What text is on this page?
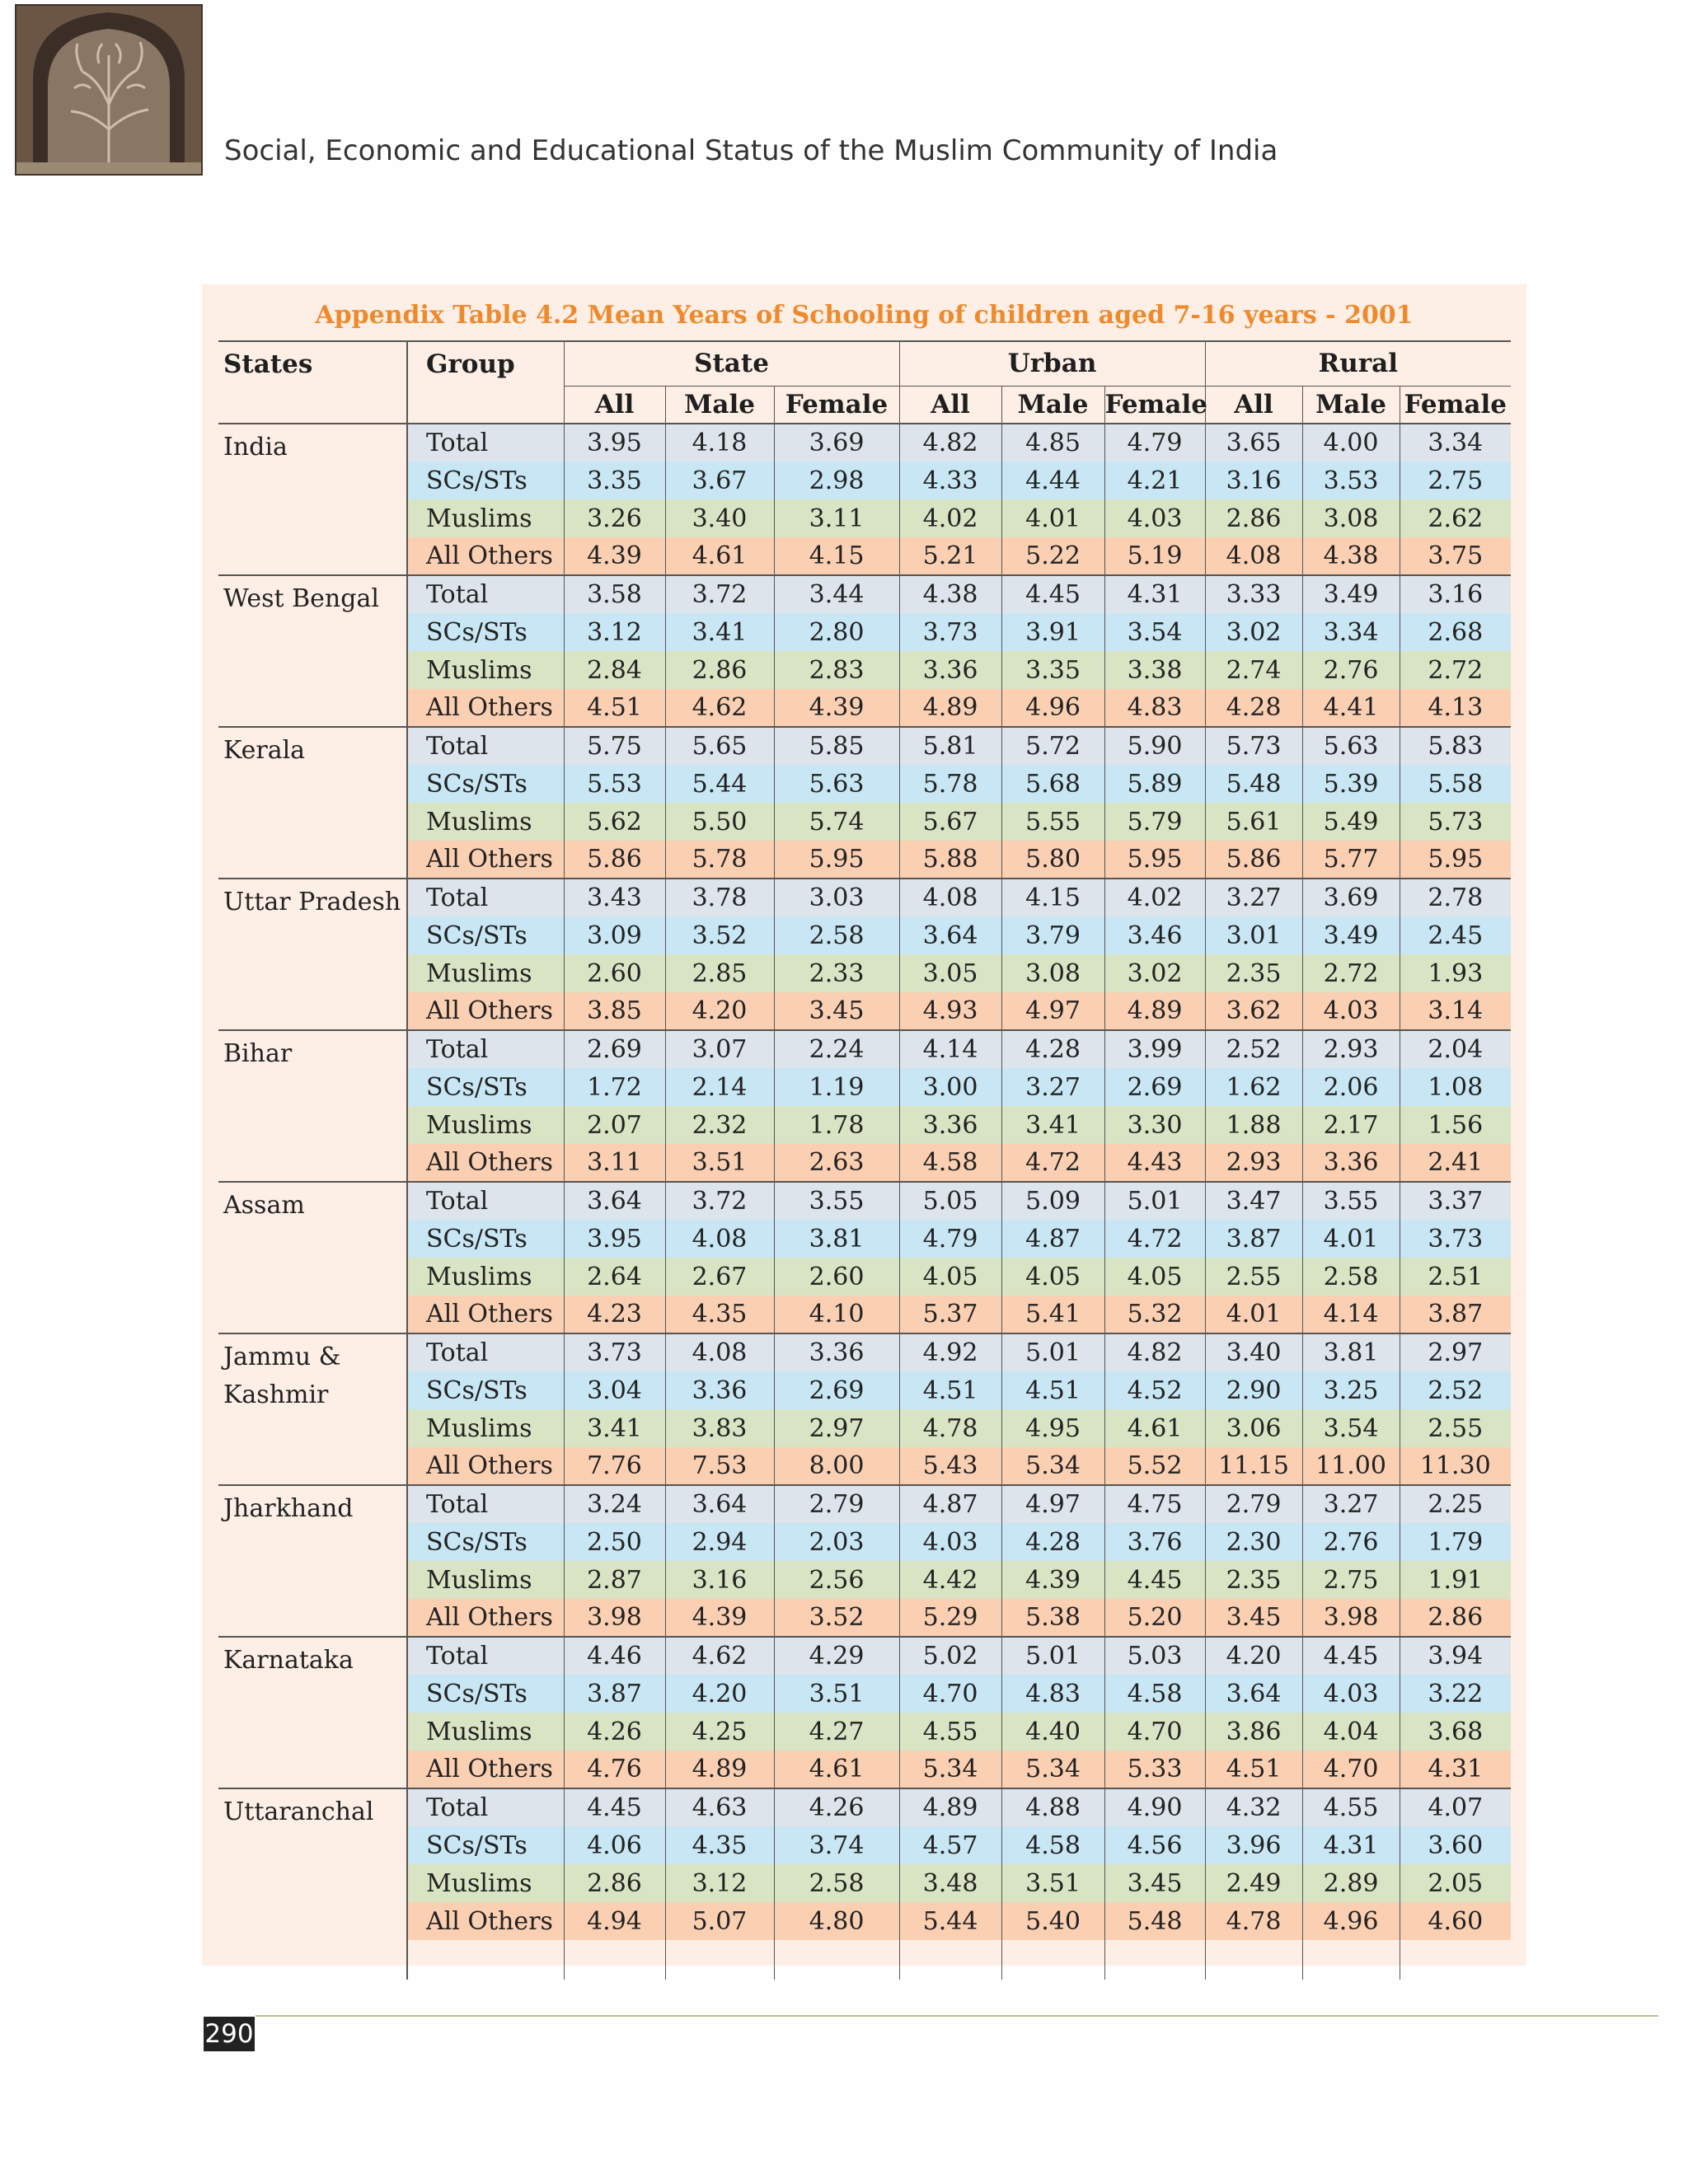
Social, Economic and Educational Status of the Muslim Community of India
Appendix Table 4.2 Mean Years of Schooling of children aged 7-16 years - 2001
States	Group	State			Urban			Rural		
		All	Male	Female	All	Male	Female	All	Male	Female
India	Total	3.95	4.18	3.69	4.82	4.85	4.79	3.65	4.00	3.34
	SCs/STs	3.35	3.67	2.98	4.33	4.44	4.21	3.16	3.53	2.75
	Muslims	3.26	3.40	3.11	4.02	4.01	4.03	2.86	3.08	2.62
	All Others	4.39	4.61	4.15	5.21	5.22	5.19	4.08	4.38	3.75
West Bengal	Total	3.58	3.72	3.44	4.38	4.45	4.31	3.33	3.49	3.16
	SCs/STs	3.12	3.41	2.80	3.73	3.91	3.54	3.02	3.34	2.68
	Muslims	2.84	2.86	2.83	3.36	3.35	3.38	2.74	2.76	2.72
	All Others	4.51	4.62	4.39	4.89	4.96	4.83	4.28	4.41	4.13
Kerala	Total	5.75	5.65	5.85	5.81	5.72	5.90	5.73	5.63	5.83
	SCs/STs	5.53	5.44	5.63	5.78	5.68	5.89	5.48	5.39	5.58
	Muslims	5.62	5.50	5.74	5.67	5.55	5.79	5.61	5.49	5.73
	All Others	5.86	5.78	5.95	5.88	5.80	5.95	5.86	5.77	5.95
Uttar Pradesh	Total	3.43	3.78	3.03	4.08	4.15	4.02	3.27	3.69	2.78
	SCs/STs	3.09	3.52	2.58	3.64	3.79	3.46	3.01	3.49	2.45
	Muslims	2.60	2.85	2.33	3.05	3.08	3.02	2.35	2.72	1.93
	All Others	3.85	4.20	3.45	4.93	4.97	4.89	3.62	4.03	3.14
Bihar	Total	2.69	3.07	2.24	4.14	4.28	3.99	2.52	2.93	2.04
	SCs/STs	1.72	2.14	1.19	3.00	3.27	2.69	1.62	2.06	1.08
	Muslims	2.07	2.32	1.78	3.36	3.41	3.30	1.88	2.17	1.56
	All Others	3.11	3.51	2.63	4.58	4.72	4.43	2.93	3.36	2.41
Assam	Total	3.64	3.72	3.55	5.05	5.09	5.01	3.47	3.55	3.37
	SCs/STs	3.95	4.08	3.81	4.79	4.87	4.72	3.87	4.01	3.73
	Muslims	2.64	2.67	2.60	4.05	4.05	4.05	2.55	2.58	2.51
	All Others	4.23	4.35	4.10	5.37	5.41	5.32	4.01	4.14	3.87
Jammu & Kashmir	Total	3.73	4.08	3.36	4.92	5.01	4.82	3.40	3.81	2.97
	SCs/STs	3.04	3.36	2.69	4.51	4.51	4.52	2.90	3.25	2.52
	Muslims	3.41	3.83	2.97	4.78	4.95	4.61	3.06	3.54	2.55
	All Others	7.76	7.53	8.00	5.43	5.34	5.52	11.15	11.00	11.30
Jharkhand	Total	3.24	3.64	2.79	4.87	4.97	4.75	2.79	3.27	2.25
	SCs/STs	2.50	2.94	2.03	4.03	4.28	3.76	2.30	2.76	1.79
	Muslims	2.87	3.16	2.56	4.42	4.39	4.45	2.35	2.75	1.91
	All Others	3.98	4.39	3.52	5.29	5.38	5.20	3.45	3.98	2.86
Karnataka	Total	4.46	4.62	4.29	5.02	5.01	5.03	4.20	4.45	3.94
	SCs/STs	3.87	4.20	3.51	4.70	4.83	4.58	3.64	4.03	3.22
	Muslims	4.26	4.25	4.27	4.55	4.40	4.70	3.86	4.04	3.68
	All Others	4.76	4.89	4.61	5.34	5.34	5.33	4.51	4.70	4.31
Uttaranchal	Total	4.45	4.63	4.26	4.89	4.88	4.90	4.32	4.55	4.07
	SCs/STs	4.06	4.35	3.74	4.57	4.58	4.56	3.96	4.31	3.60
	Muslims	2.86	3.12	2.58	3.48	3.51	3.45	2.49	2.89	2.05
	All Others	4.94	5.07	4.80	5.44	5.40	5.48	4.78	4.96	4.60

290
